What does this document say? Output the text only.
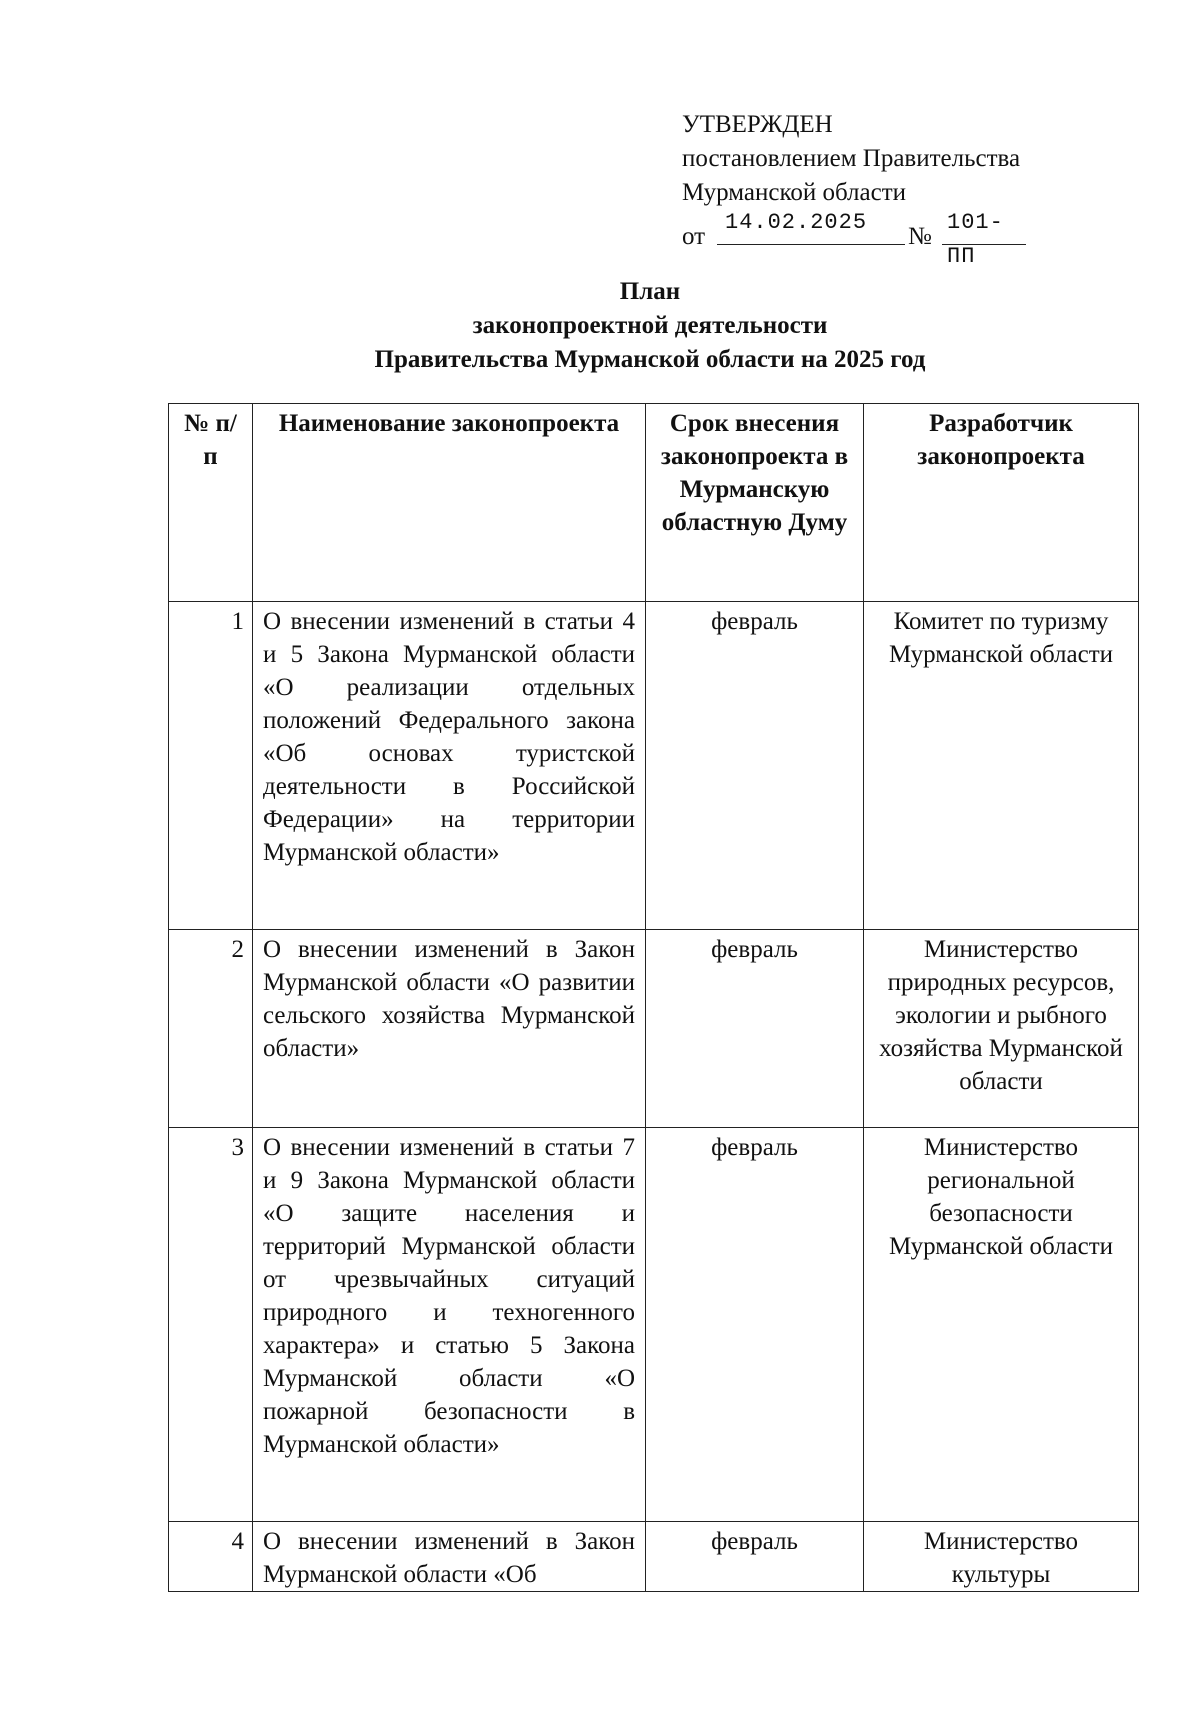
УТВЕРЖДЕН
постановлением Правительства
Мурманской области
от
14.02.2025
№
101-ПП
План
законопроектной деятельности
Правительства Мурманской области на 2025 год
№ п/п	Наименование законопроекта	Срок внесения законопроекта в Мурманскую областную Думу	Разработчик законопроекта
1	О внесении изменений в статьи 4 и 5 Закона Мурманской области «О реализации отдельных положений Федерального закона «Об основах туристской деятельности в Российской Федерации» на территории Мурманской области»	февраль	Комитет по туризму Мурманской области
2	О внесении изменений в Закон Мурманской области «О развитии сельского хозяйства Мурманской области»	февраль	Министерство природных ресурсов, экологии и рыбного хозяйства Мурманской области
3	О внесении изменений в статьи 7 и 9 Закона Мурманской области «О защите населения и территорий Мурманской области от чрезвычайных ситуаций природного и техногенного характера» и статью 5 Закона Мурманской области «О пожарной безопасности в Мурманской области»	февраль	Министерство региональной безопасности Мурманской области
4	О внесении изменений в Закон Мурманской области «Об	февраль	Министерство культуры
